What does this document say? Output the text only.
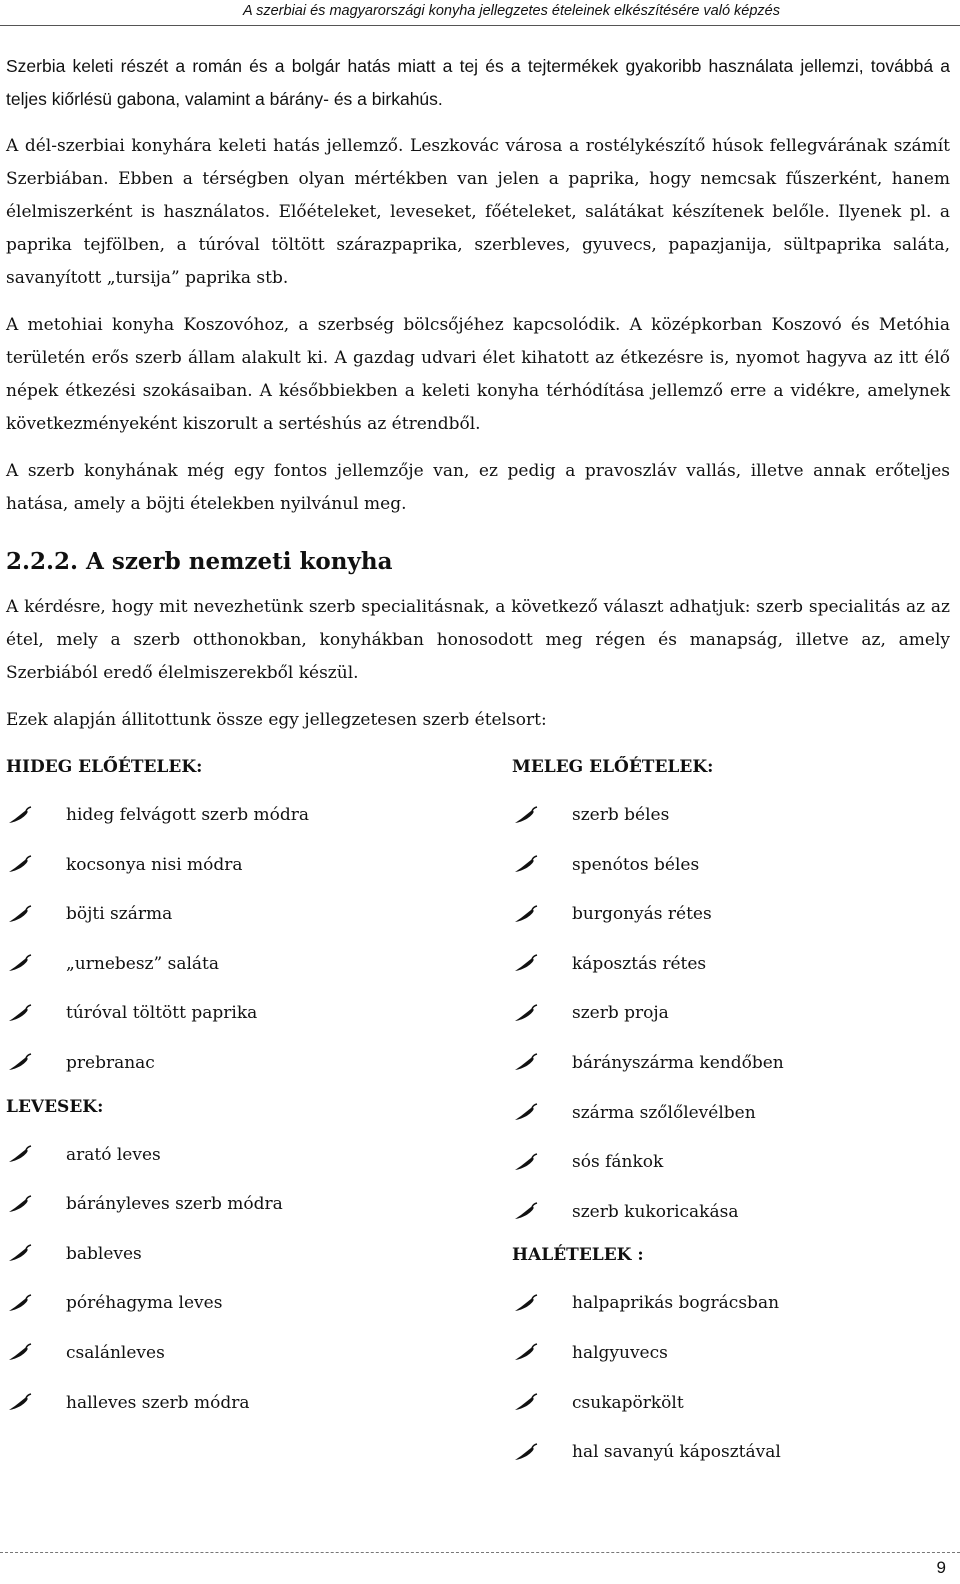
A szerbiai és magyarországi konyha jellegzetes ételeinek elkészítésére való képzés

Szerbia keleti részét a román és a bolgár hatás miatt a tej és a tejtermékek gyakoribb használata jellemzi, továbbá a teljes kiőrlésü gabona, valamint a bárány- és a birkahús.

A dél-szerbiai konyhára keleti hatás jellemző. Leszkovác városa a rostélykészítő húsok fellegvárának számít Szerbiában. Ebben a térségben olyan mértékben van jelen a paprika, hogy nemcsak fűszerként, hanem élelmiszerként is használatos. Előételeket, leveseket, főételeket, salátákat készítenek belőle. Ilyenek pl. a paprika tejfölben, a túróval töltött szárazpaprika, szerbleves, gyuvecs, papazjanija, sültpaprika saláta, savanyított „tursija” paprika stb.

A metohiai konyha Koszovóhoz, a szerbség bölcsőjéhez kapcsolódik. A középkorban Koszovó és Metóhia területén erős szerb állam alakult ki. A gazdag udvari élet kihatott az étkezésre is, nyomot hagyva az itt élő népek étkezési szokásaiban. A későbbiekben a keleti konyha térhódítása jellemző erre a vidékre, amelynek következményeként kiszorult a sertéshús az étrendből.

A szerb konyhának még egy fontos jellemzője van, ez pedig a pravoszláv vallás, illetve annak erőteljes hatása, amely a böjti ételekben nyilvánul meg.

2.2.2. A szerb nemzeti konyha

A kérdésre, hogy mit nevezhetünk szerb specialitásnak, a következő választ adhatjuk: szerb specialitás az az étel, mely a szerb otthonokban, konyhákban honosodott meg régen és manapság, illetve az, amely Szerbiából eredő élelmiszerekből készül.

Ezek alapján állitottunk össze egy jellegzetesen szerb ételsort:

HIDEG ELŐÉTELEK:
hideg felvágott szerb módra
kocsonya nisi módra
böjti szárma
„urnebesz” saláta
túróval töltött paprika
prebranac
LEVESEK:
arató leves
bárányleves szerb módra
bableves
póréhagyma leves
csalánleves
halleves szerb módra
MELEG ELŐÉTELEK:
szerb béles
spenótos béles
burgonyás rétes
káposztás rétes
szerb proja
bárányszárma kendőben
szárma szőlőlevélben
sós fánkok
szerb kukoricakása
HALÉTELEK :
halpaprikás bográcsban
halgyuvecs
csukapörkölt
hal savanyú káposztával
9
